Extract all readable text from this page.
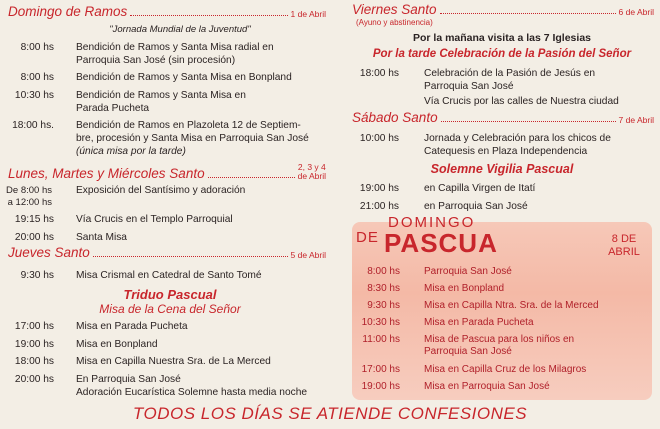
Domingo de Ramos	1 de Abril
"Jornada Mundial de la Juventud"
8:00 hs Bendición de Ramos y Santa Misa radial en
Parroquia San José (sin procesión)
8:00 hs Bendición de Ramos y Santa Misa en Bonpland
10:30 hs Bendición de Ramos y Santa Misa en
Parada Pucheta
18:00 hs. Bendición de Ramos en Plazoleta 12 de Septiem-
bre, procesión y Santa Misa en Parroquia San José
(única misa por la tarde)
Lunes, Martes y Miércoles Santo	2, 3 y 4
de Abril
De 8:00 hs
a 12:00 hs
Exposición del Santísimo y adoración
19:15 hs Vía Crucis en el Templo Parroquial
20:00 hs Santa Misa
Jueves Santo	5 de Abril
9:30 hs Misa Crismal en Catedral de Santo Tomé
Triduo Pascual
Misa de la Cena del Señor
17:00 hs Misa en Parada Pucheta
19:00 hs Misa en Bonpland
18:00 hs Misa en Capilla Nuestra Sra. de La Merced
20:00 hs En Parroquia San José
Adoración Eucarística Solemne hasta media noche
Viernes Santo	6 de Abril
(Ayuno y abstinencia)
Por la mañana visita a las 7 Iglesias
Por la tarde Celebración de la Pasión del Señor
18:00 hs Celebración de la Pasión de Jesús en
Parroquia San José
Vía Crucis por las calles de Nuestra ciudad
Sábado Santo	7 de Abril
10:00 hs Jornada y Celebración para los chicos de
Catequesis en Plaza Independencia
Solemne Vigilia Pascual
19:00 hs en Capilla Virgen de Itatí
21:00 hs en Parroquia San José
DE
DOMINGO
PASCUA	8 DE
ABRIL
8:00 hs Parroquia San José
8:30 hs Misa en Bonpland
9:30 hs Misa en Capilla Ntra. Sra. de la Merced
10:30 hs Misa en Parada Pucheta
11:00 hs Misa de Pascua para los niños en
Parroquia San José
17:00 hs Misa en Capilla Cruz de los Milagros
19:00 hs Misa en Parroquia San José
TODOS LOS DÍAS SE ATIENDE CONFESIONES
